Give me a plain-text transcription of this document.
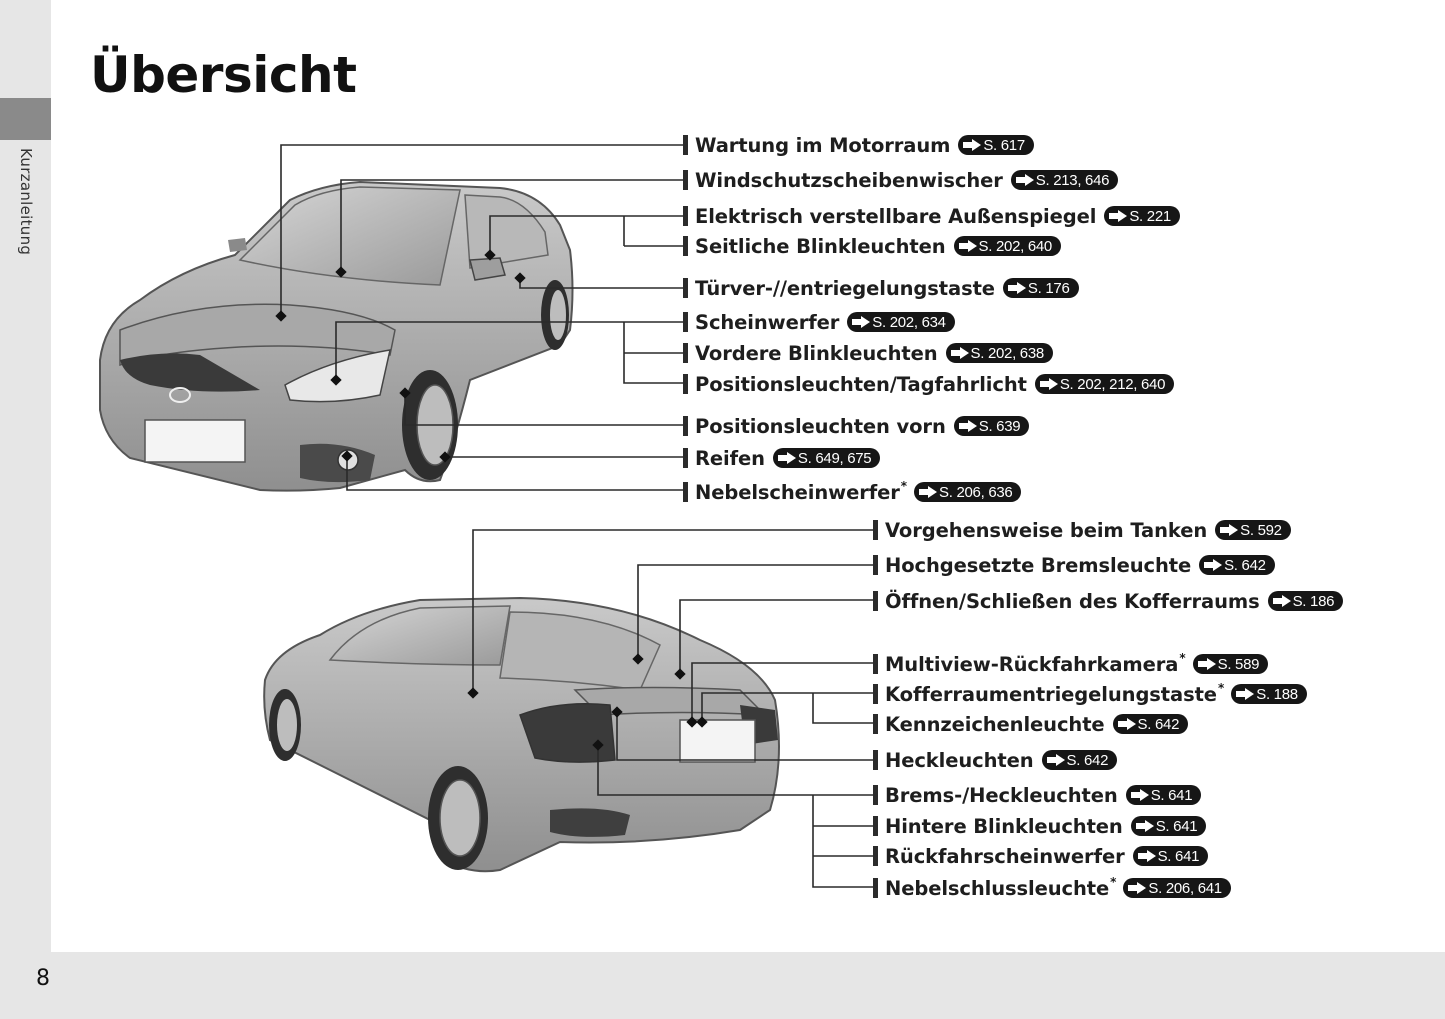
Kurzanleitung
8
Übersicht
Wartung im Motorraum S. 617
Windschutzscheibenwischer S. 213, 646
Elektrisch verstellbare Außenspiegel S. 221
Seitliche Blinkleuchten S. 202, 640
Türver-//entriegelungstaste S. 176
Scheinwerfer S. 202, 634
Vordere Blinkleuchten S. 202, 638
Positionsleuchten/Tagfahrlicht S. 202, 212, 640
Positionsleuchten vorn S. 639
Reifen S. 649, 675
Nebelscheinwerfer * S. 206, 636
Vorgehensweise beim Tanken S. 592
Hochgesetzte Bremsleuchte S. 642
Öffnen/Schließen des Kofferraums S. 186
Multiview-Rückfahrkamera * S. 589
Kofferraumentriegelungstaste * S. 188
Kennzeichenleuchte S. 642
Heckleuchten S. 642
Brems-/Heckleuchten S. 641
Hintere Blinkleuchten S. 641
Rückfahrscheinwerfer S. 641
Nebelschlussleuchte * S. 206, 641
